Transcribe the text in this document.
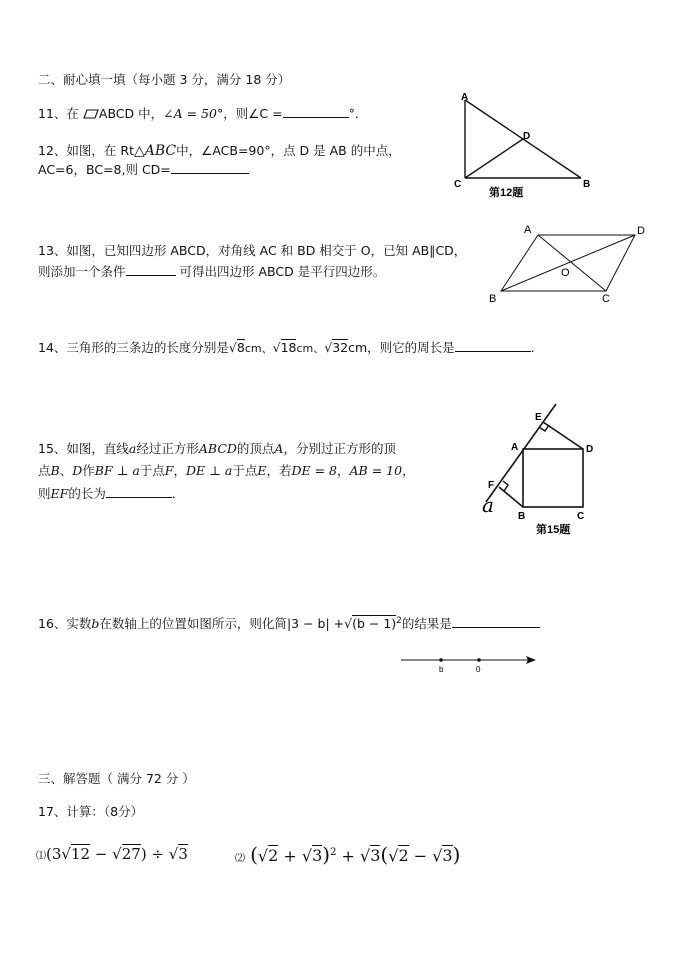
二、耐心填一填（每小题 3 分，满分 18 分）
11、在 ABCD 中，∠A = 50°，则∠C =	°．
12、如图，在 Rt△ABC中，∠ACB=90°，点 D 是 AB 的中点，
AC=6，BC=8,则 CD=
A
D
C	B
第12题
13、如图，已知四边形 ABCD，对角线 AC 和 BD 相交于 O，已知 AB∥CD，
则添加一个条件	可得出四边形 ABCD 是平行四边形。
A	D
B	C
O
14、三角形的三条边的长度分别是√8cm、√18cm、√32cm，则它的周长是	.
15、如图，直线a经过正方形ABCD的顶点A，分别过正方形的顶
点B、D作BF ⊥ a于点F，DE ⊥ a于点E，若DE = 8，AB = 10，
则EF的长为	．
E
A	D
F
B	C
a
第15题
16、实数b在数轴上的位置如图所示，则化简$|3 - b| +√(b - 1)^2$的结果是
b	0
三、解答题（ 满分 72 分 ）
17、计算：（8分）
⑴(3√12 − √27) ÷ √3	⑵ $(√2 + √3)^2 + √3(√2 - √3)$
